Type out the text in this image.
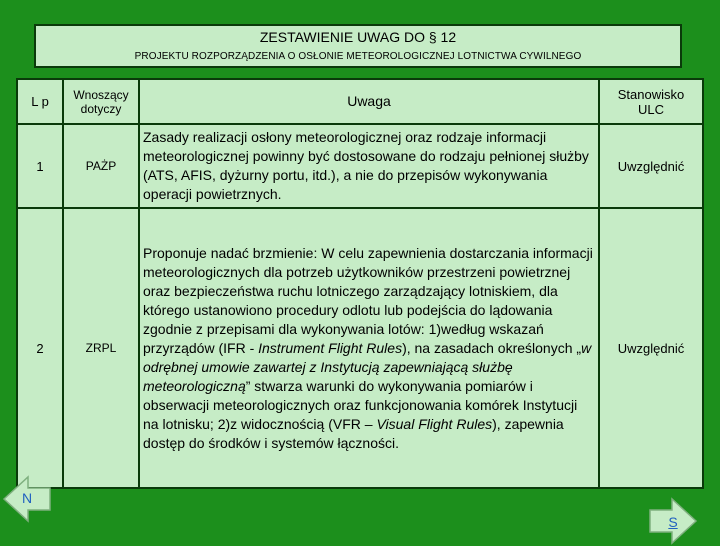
ZESTAWIENIE UWAG DO § 12
PROJEKTU ROZPORZĄDZENIA O OSŁONIE METEOROLOGICZNEJ LOTNICTWA CYWILNEGO
L p	Wnoszący dotyczy	Uwaga	Stanowisko ULC
1	PAŻP	Zasady realizacji osłony meteorologicznej oraz rodzaje informacji meteorologicznej powinny być dostosowane do rodzaju pełnionej służby (ATS, AFIS, dyżurny portu, itd.), a nie do przepisów wykonywania operacji powietrznych.	Uwzględnić
2	ZRPL	Proponuje nadać brzmienie: W celu zapewnienia dostarczania informacji meteorologicznych dla potrzeb użytkowników przestrzeni powietrznej oraz bezpieczeństwa ruchu lotniczego zarządzający lotniskiem, dla którego ustanowiono procedury odlotu lub podejścia do lądowania zgodnie z przepisami dla wykonywania lotów: 1)według wskazań przyrządów (IFR - Instrument Flight Rules), na zasadach określonych „w odrębnej umowie zawartej z Instytucją zapewniającą służbę meteorologiczną” stwarza warunki do wykonywania pomiarów i obserwacji meteorologicznych oraz funkcjonowania komórek Instytucji na lotnisku; 2)z widocznością (VFR – Visual Flight Rules), zapewnia dostęp do środków i systemów łączności.	Uwzględnić
N
S
